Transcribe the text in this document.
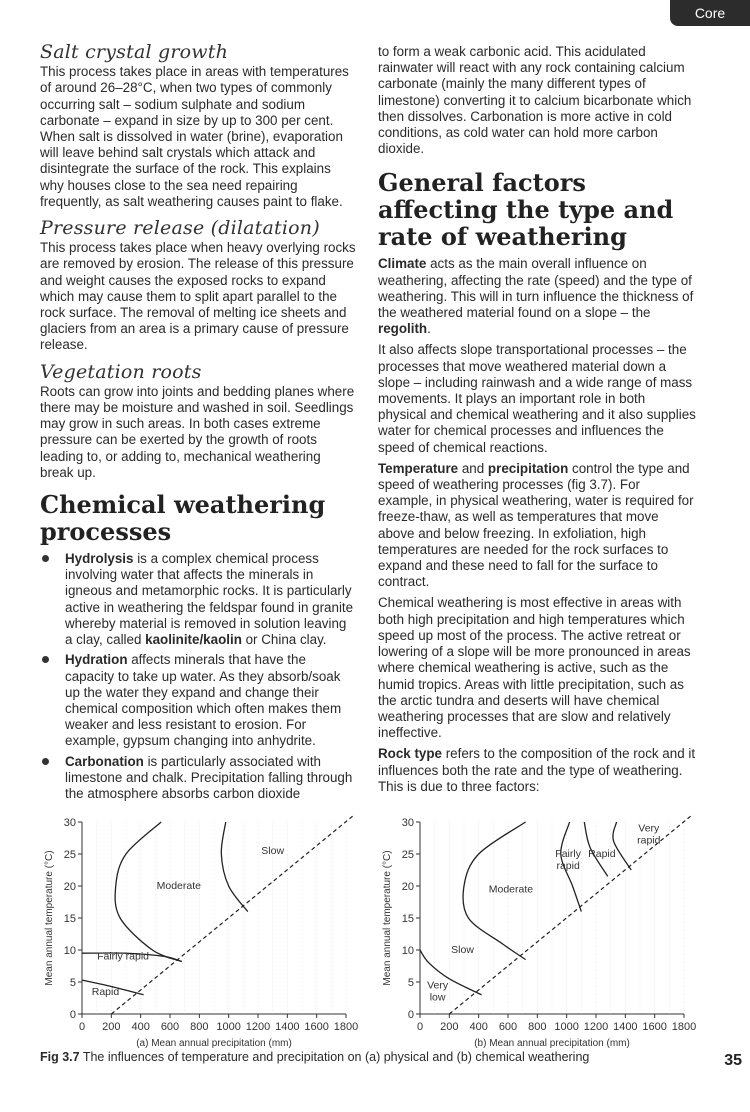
Core
Salt crystal growth

This process takes place in areas with temperatures of around 26–28°C, when two types of commonly occurring salt – sodium sulphate and sodium carbonate – expand in size by up to 300 per cent. When salt is dissolved in water (brine), evaporation will leave behind salt crystals which attack and disintegrate the surface of the rock. This explains why houses close to the sea need repairing frequently, as salt weathering causes paint to flake.

Pressure release (dilatation)

This process takes place when heavy overlying rocks are removed by erosion. The release of this pressure and weight causes the exposed rocks to expand which may cause them to split apart parallel to the rock surface. The removal of melting ice sheets and glaciers from an area is a primary cause of pressure release.

Vegetation roots

Roots can grow into joints and bedding planes where there may be moisture and washed in soil. Seedlings may grow in such areas. In both cases extreme pressure can be exerted by the growth of roots leading to, or adding to, mechanical weathering break up.

Chemical weathering processes
Hydrolysis is a complex chemical process involving water that affects the minerals in igneous and metamorphic rocks. It is particularly active in weathering the feldspar found in granite whereby material is removed in solution leaving a clay, called kaolinite/kaolin or China clay.
Hydration affects minerals that have the capacity to take up water. As they absorb/soak up the water they expand and change their chemical composition which often makes them weaker and less resistant to erosion. For example, gypsum changing into anhydrite.
Carbonation is particularly associated with limestone and chalk. Precipitation falling through the atmosphere absorbs carbon dioxide

to form a weak carbonic acid. This acidulated rainwater will react with any rock containing calcium carbonate (mainly the many different types of limestone) converting it to calcium bicarbonate which then dissolves. Carbonation is more active in cold conditions, as cold water can hold more carbon dioxide.

General factors affecting the type and rate of weathering

Climate acts as the main overall influence on weathering, affecting the rate (speed) and the type of weathering. This will in turn influence the thickness of the weathered material found on a slope – the regolith.

It also affects slope transportational processes – the processes that move weathered material down a slope – including rainwash and a wide range of mass movements. It plays an important role in both physical and chemical weathering and it also supplies water for chemical processes and influences the speed of chemical reactions.

Temperature and precipitation control the type and speed of weathering processes (fig 3.7). For example, in physical weathering, water is required for freeze-thaw, as well as temperatures that move above and below freezing. In exfoliation, high temperatures are needed for the rock surfaces to expand and these need to fall for the surface to contract.

Chemical weathering is most effective in areas with both high precipitation and high temperatures which speed up most of the process. The active retreat or lowering of a slope will be more pronounced in areas where chemical weathering is active, such as the humid tropics. Areas with little precipitation, such as the arctic tundra and deserts will have chemical weathering processes that are slow and relatively ineffective.

Rock type refers to the composition of the rock and it influences both the rate and the type of weathering. This is due to three factors:

0
5
10
15
20
25
30
0 200 400 600 800 1000 1200 1400 1600 1800
Mean annual temperature (°C)
(a) Mean annual precipitation (mm)
Slow
Moderate
Fairly rapid
Rapid
0
5
10
15
20
25
30
0 200 400 600 800 1000 1200 1400 1600 1800
Mean annual temperature (°C)
(b) Mean annual precipitation (mm)
Very
rapid
Rapid
Fairly
rapid
Moderate
Slow
Very
low
Fig 3.7 The influences of temperature and precipitation on (a) physical and (b) chemical weathering	35
